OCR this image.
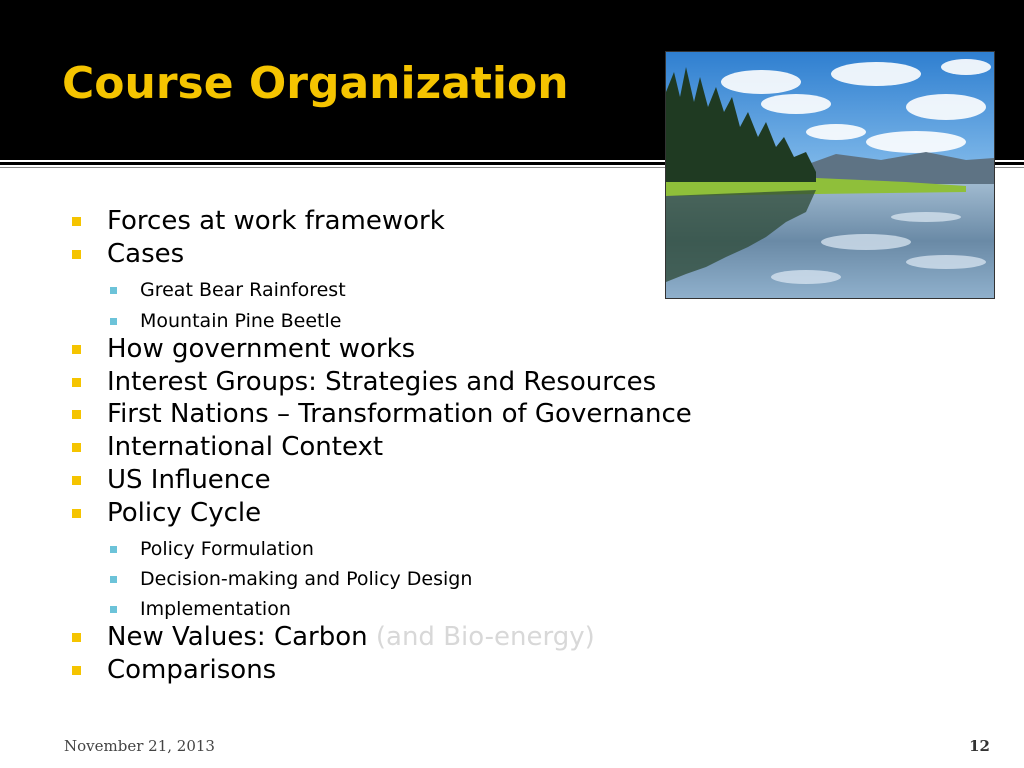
Course Organization
Forces at work framework
Cases
Great Bear Rainforest
Mountain Pine Beetle
How government works
Interest Groups: Strategies and Resources
First Nations – Transformation of Governance
International Context
US Influence
Policy Cycle
Policy Formulation
Decision-making and Policy Design
Implementation
New Values: Carbon (and Bio-energy)
Comparisons
November 21, 2013	12
